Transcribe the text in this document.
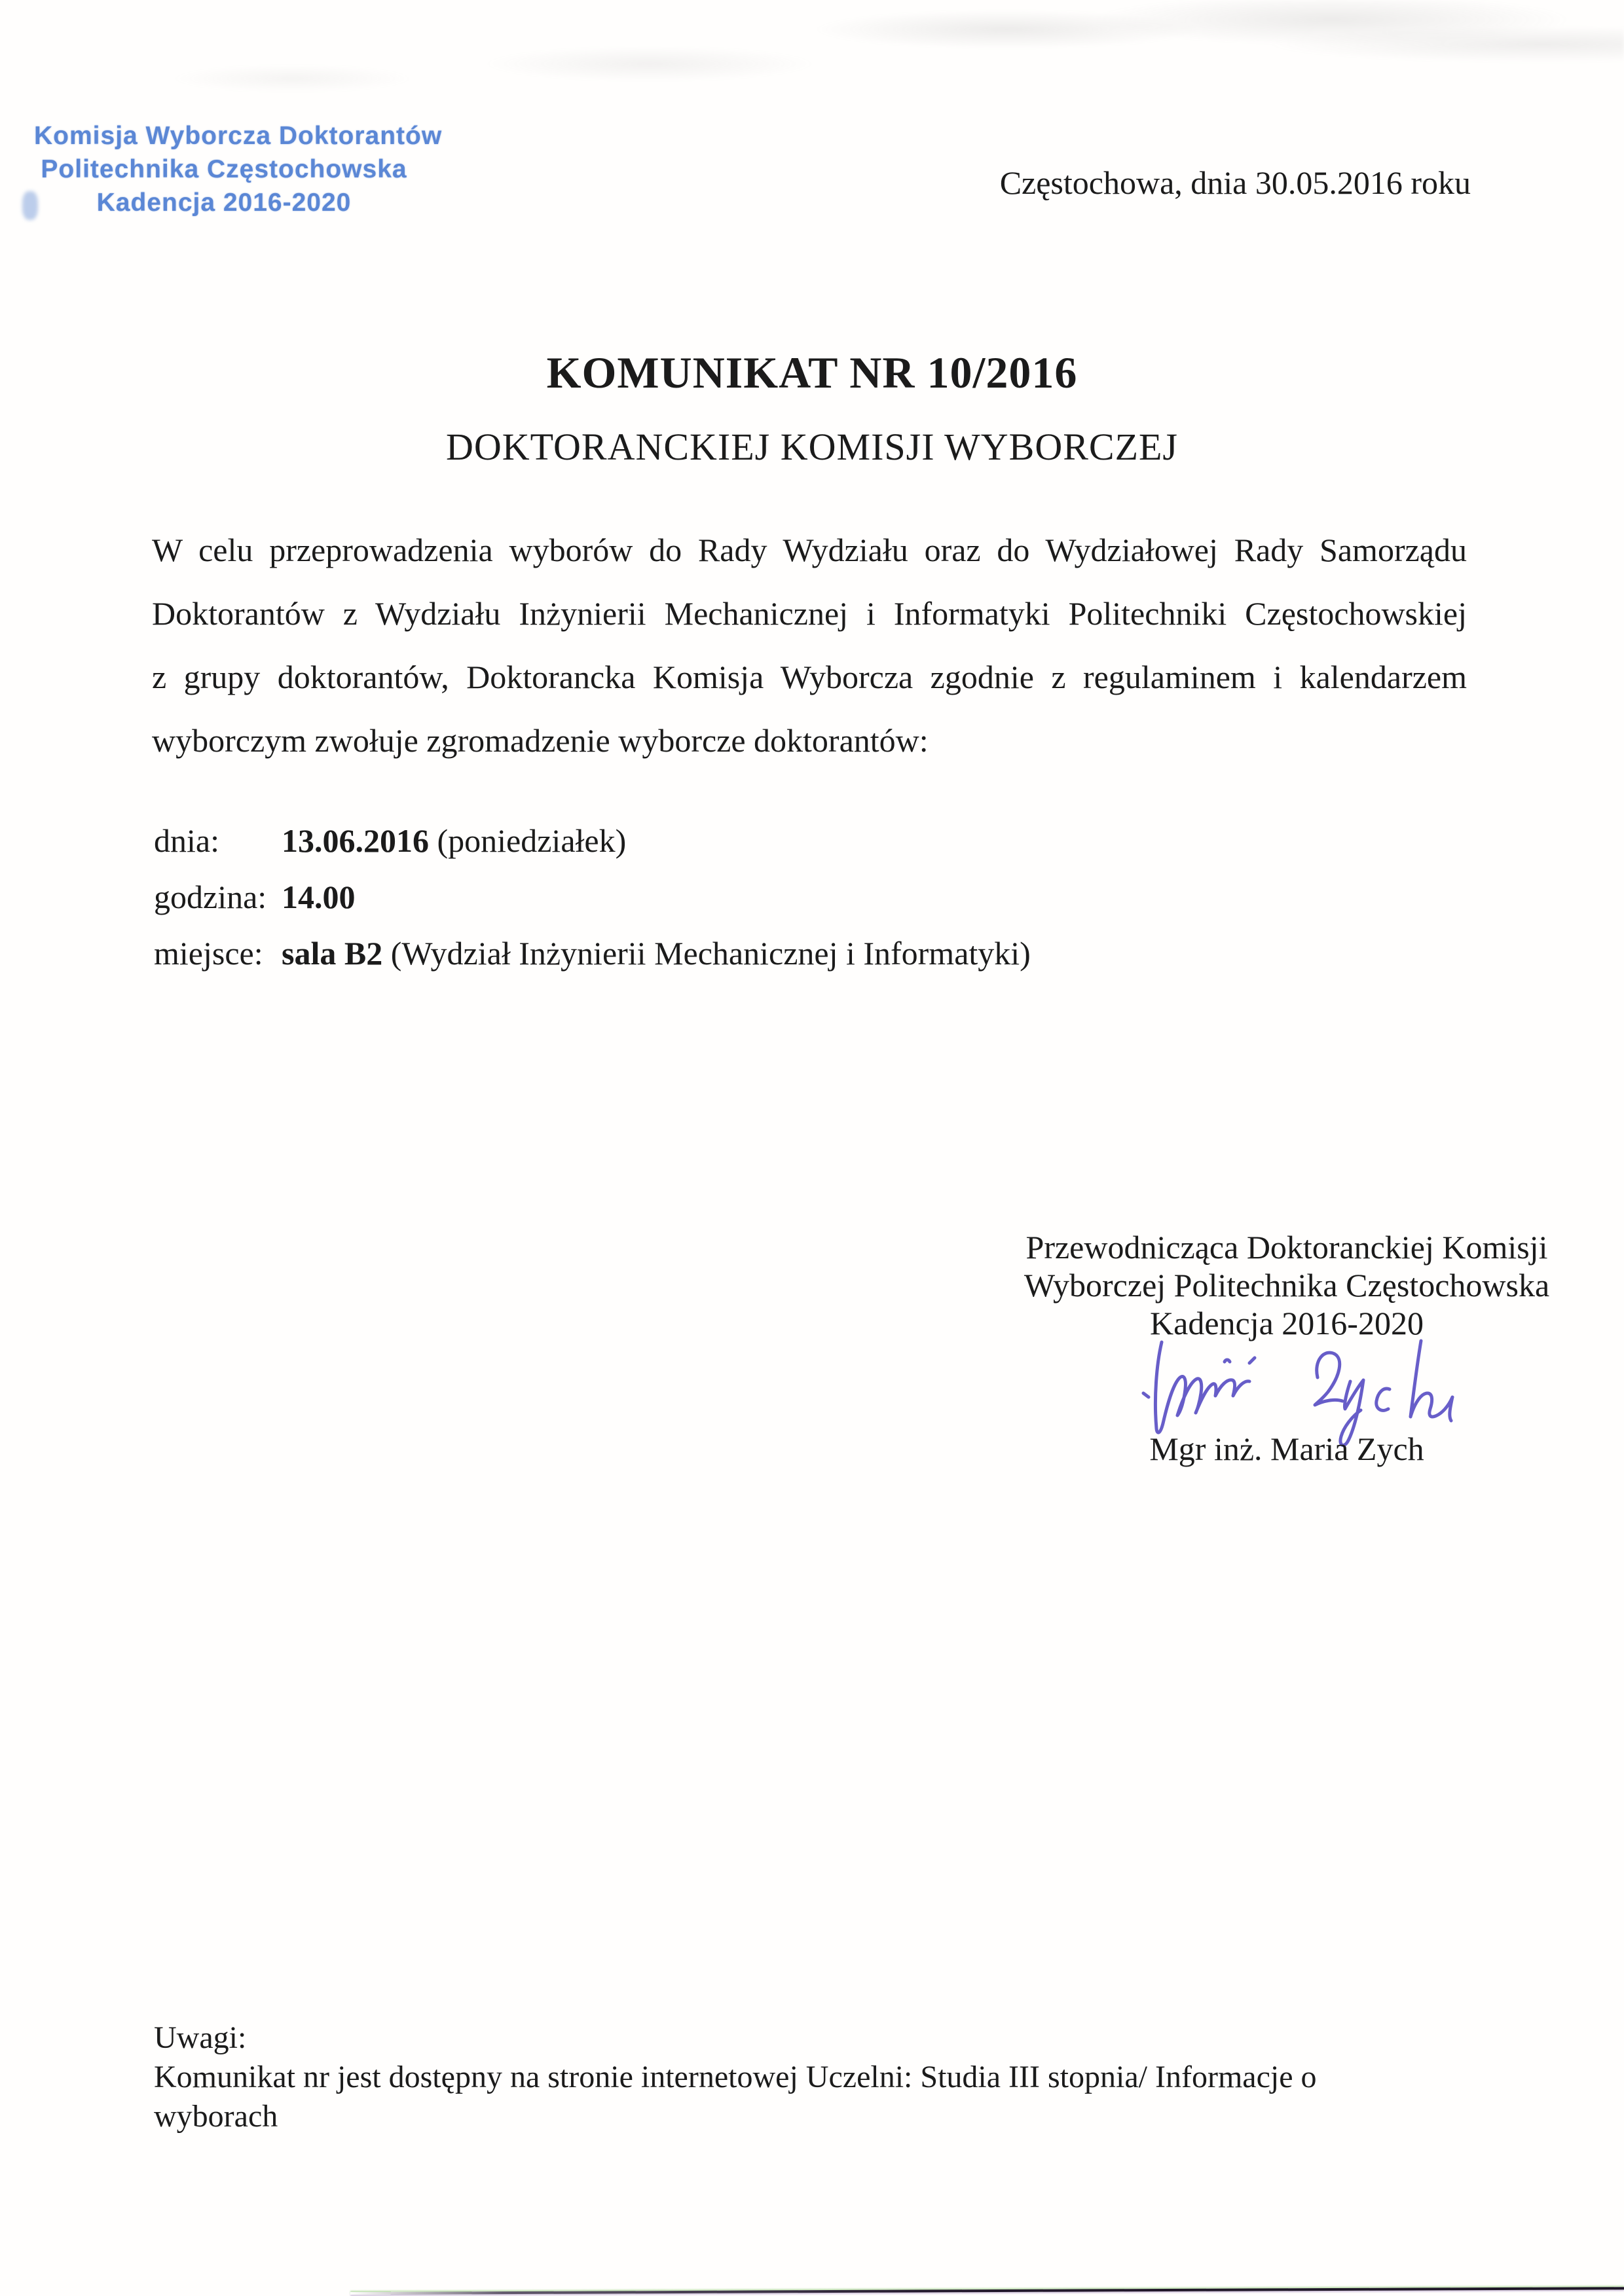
Komisja Wyborcza Doktorantów
Politechnika Częstochowska
Kadencja 2016-2020
Częstochowa, dnia 30.05.2016 roku
KOMUNIKAT NR 10/2016
DOKTORANCKIEJ KOMISJI WYBORCZEJ
W celu przeprowadzenia wyborów do Rady Wydziału oraz do Wydziałowej Rady Samorządu
Doktorantów z Wydziału Inżynierii Mechanicznej i Informatyki Politechniki Częstochowskiej
z grupy doktorantów, Doktorancka Komisja Wyborcza zgodnie z regulaminem i kalendarzem
wyborczym zwołuje zgromadzenie wyborcze doktorantów:
dnia:	13.06.2016 (poniedziałek)
godzina: 14.00
miejsce: sala B2 (Wydział Inżynierii Mechanicznej i Informatyki)
Przewodnicząca Doktoranckiej Komisji
Wyborczej Politechnika Częstochowska
Kadencja 2016-2020
Mgr inż. Maria Zych
Uwagi:
Komunikat nr jest dostępny na stronie internetowej Uczelni: Studia III stopnia/ Informacje o
wyborach
